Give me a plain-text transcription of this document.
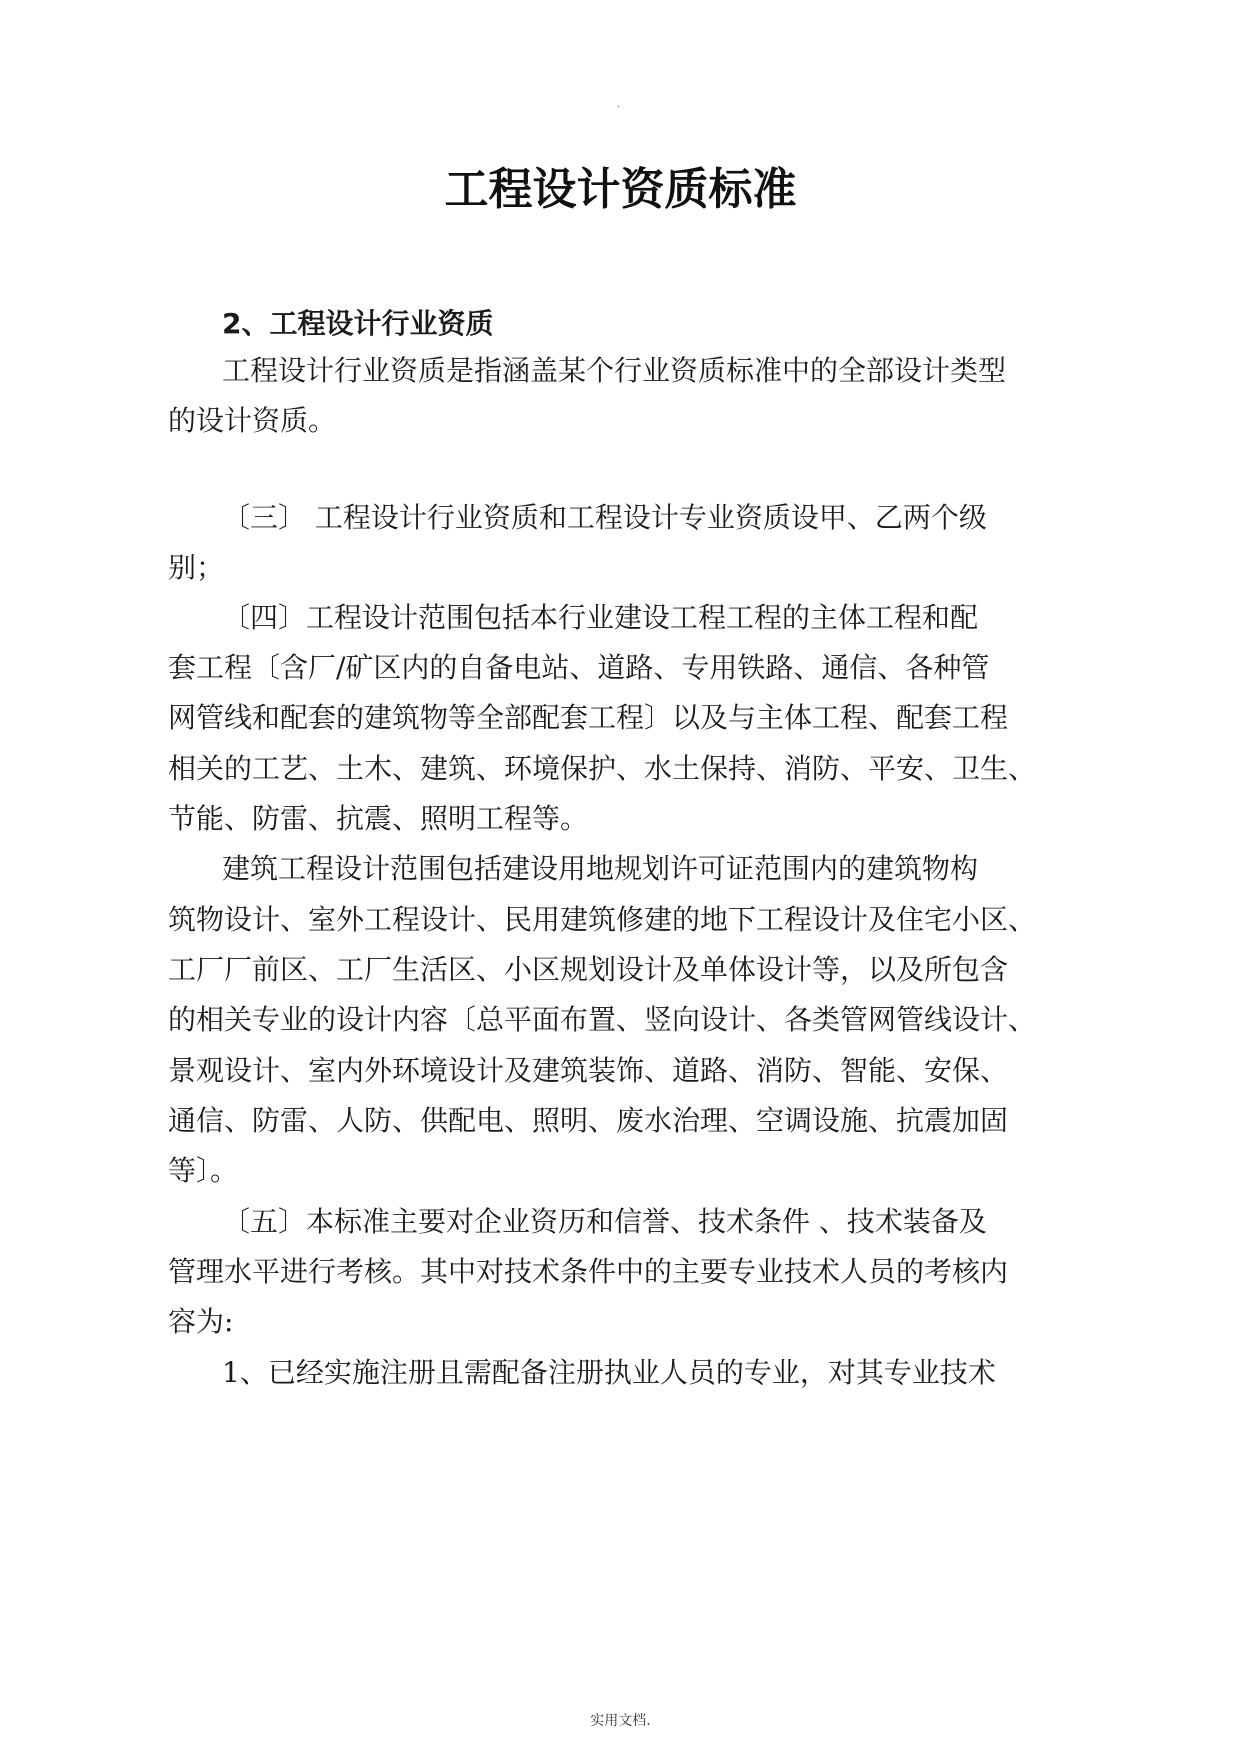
.
工程设计资质标准
2、工程设计行业资质
工程设计行业资质是指涵盖某个行业资质标准中的全部设计类型
的设计资质。
〔三〕 工程设计行业资质和工程设计专业资质设甲、乙两个级
别；
〔四〕工程设计范围包括本行业建设工程工程的主体工程和配
套工程〔含厂/矿区内的自备电站、道路、专用铁路、通信、各种管
网管线和配套的建筑物等全部配套工程〕以及与主体工程、配套工程
相关的工艺、土木、建筑、环境保护、水土保持、消防、平安、卫生、
节能、防雷、抗震、照明工程等。
建筑工程设计范围包括建设用地规划许可证范围内的建筑物构
筑物设计、室外工程设计、民用建筑修建的地下工程设计及住宅小区、
工厂厂前区、工厂生活区、小区规划设计及单体设计等，以及所包含
的相关专业的设计内容〔总平面布置、竖向设计、各类管网管线设计、
景观设计、室内外环境设计及建筑装饰、道路、消防、智能、安保、
通信、防雷、人防、供配电、照明、废水治理、空调设施、抗震加固
等〕。
〔五〕本标准主要对企业资历和信誉、技术条件 、技术装备及
管理水平进行考核。其中对技术条件中的主要专业技术人员的考核内
容为:
1、已经实施注册且需配备注册执业人员的专业，对其专业技术
实用文档.
